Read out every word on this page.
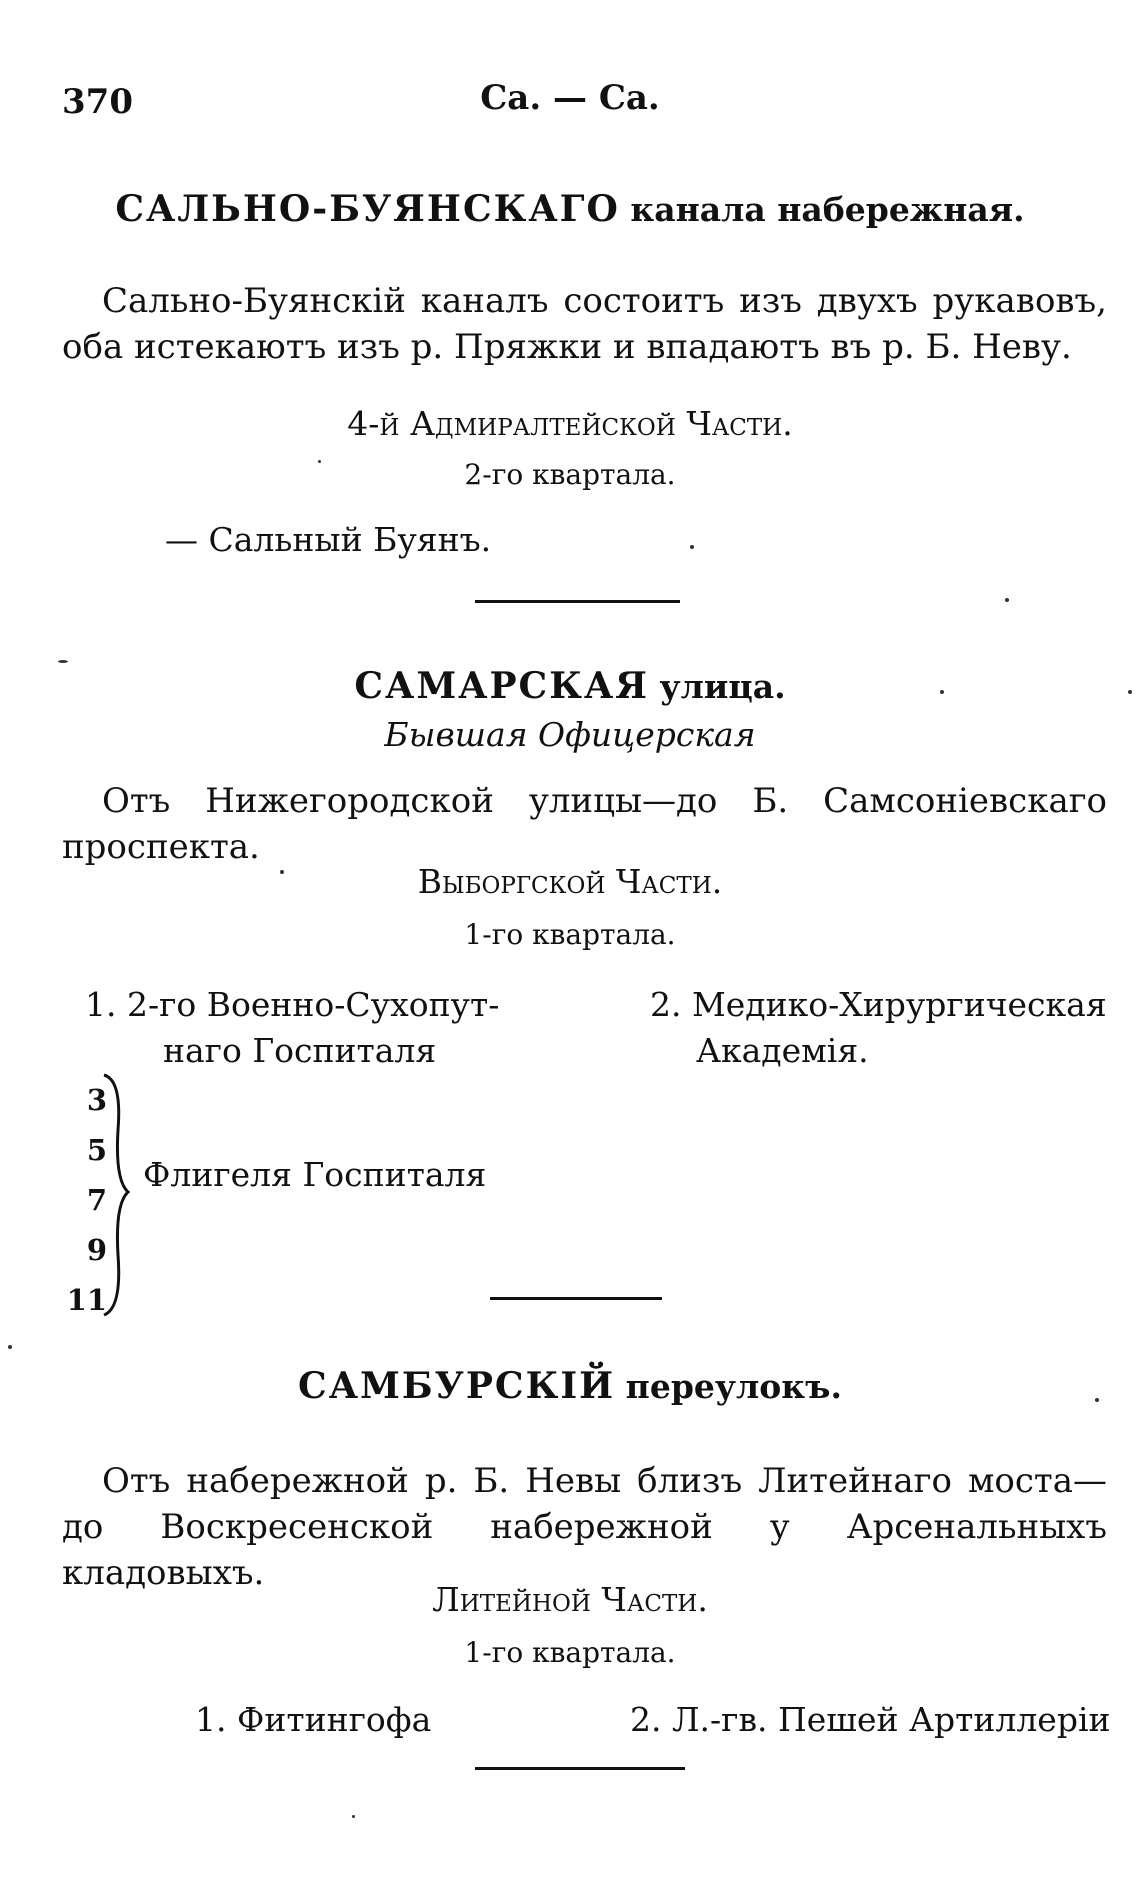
370	Са. — Са.
САЛЬНО-БУЯНСКАГО канала набережная.
Сально-Буянскій каналъ состоитъ изъ двухъ рукавовъ, оба истекаютъ изъ р. Пряжки и впадаютъ въ р. Б. Неву.
4-й Адмиралтейской Части.
2-го квартала.
— Сальный Буянъ.
САМАРСКАЯ улица.
Бывшая Офицерская
Отъ Нижегородской улицы—до Б. Самсоніевскаго проспекта.
Выборгской Части.
1-го квартала.
1. 2-го Военно-Сухопут-
наго Госпиталя
2. Медико-Хирургическая
Академія.
3
5
7
9
11
Флигеля Госпиталя
САМБУРСКІЙ переулокъ.
Отъ набережной р. Б. Невы близъ Литейнаго моста—до Воскресенской набережной у Арсенальныхъ кладовыхъ.
Литейной Части.
1-го квартала.
1. Фитингофа	2. Л.-гв. Пешей Артиллеріи
